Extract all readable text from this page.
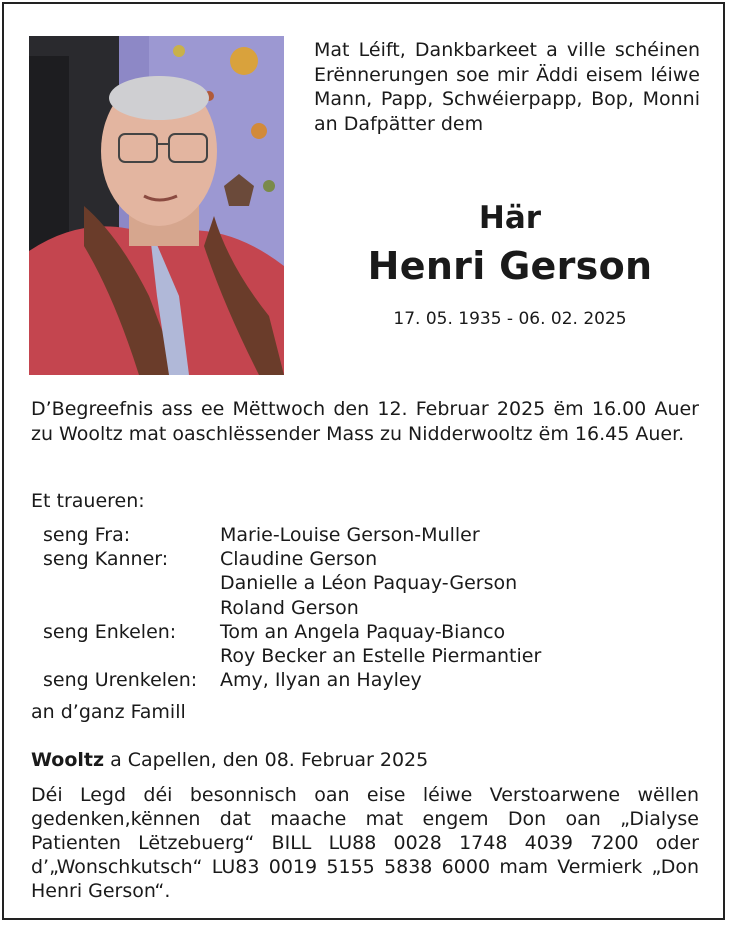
Mat Léift, Dankbarkeet a ville schéinen Erënnerungen soe mir Äddi eisem léiwe Mann, Papp, Schwéierpapp, Bop, Monni an Dafpätter dem
Här
Henri Gerson
17. 05. 1935 - 06. 02. 2025
D’Begreefnis ass ee Mëttwoch den 12. Februar 2025 ëm 16.00 Auer zu Wooltz mat oaschlëssender Mass zu Nidderwooltz ëm 16.45 Auer.
Et traueren:
seng Fra:	Marie-Louise Gerson-Muller
seng Kanner:	Claudine Gerson
Danielle a Léon Paquay-Gerson
Roland Gerson
seng Enkelen:	Tom an Angela Paquay-Bianco
Roy Becker an Estelle Piermantier
seng Urenkelen:	Amy, Ilyan an Hayley
an d’ganz Famill
Wooltz a Capellen, den 08. Februar 2025
Déi Legd déi besonnisch oan eise léiwe Verstoarwene wëllen gedenken,kënnen dat maache mat engem Don oan „Dialyse Patienten Lëtzebuerg“ BILL LU88 0028 1748 4039 7200 oder d’„Wonschkutsch“ LU83 0019 5155 5838 6000 mam Vermierk „Don Henri Gerson“.
